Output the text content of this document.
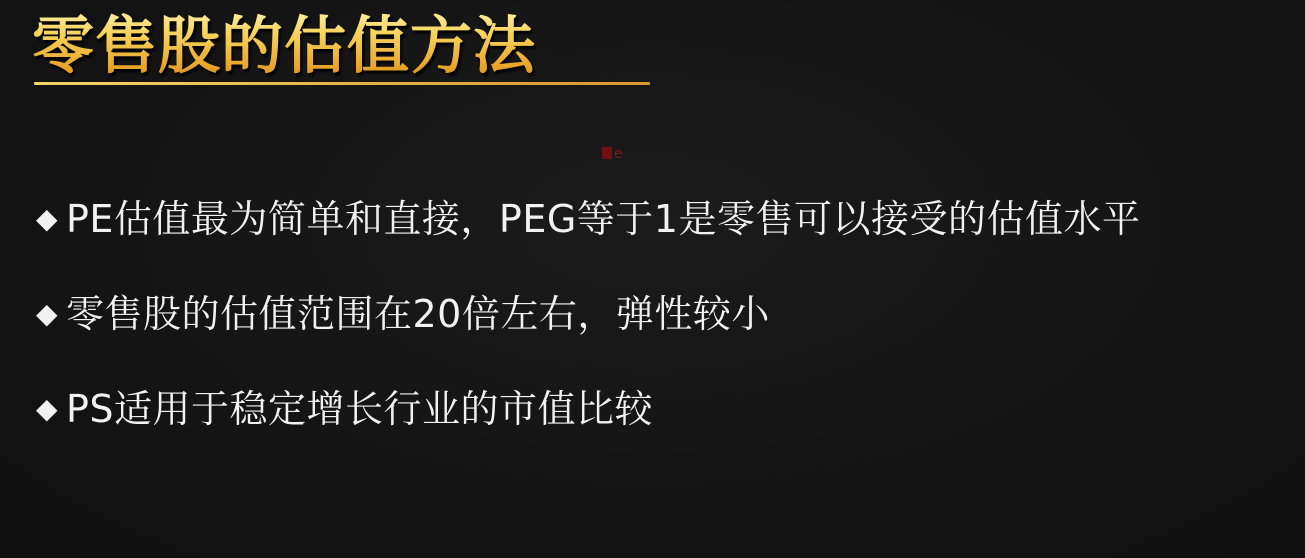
零售股的估值方法
e
◆ PE估值最为简单和直接，PEG等于1是零售可以接受的估值水平
◆ 零售股的估值范围在20倍左右，弹性较小
◆ PS适用于稳定增长行业的市值比较
